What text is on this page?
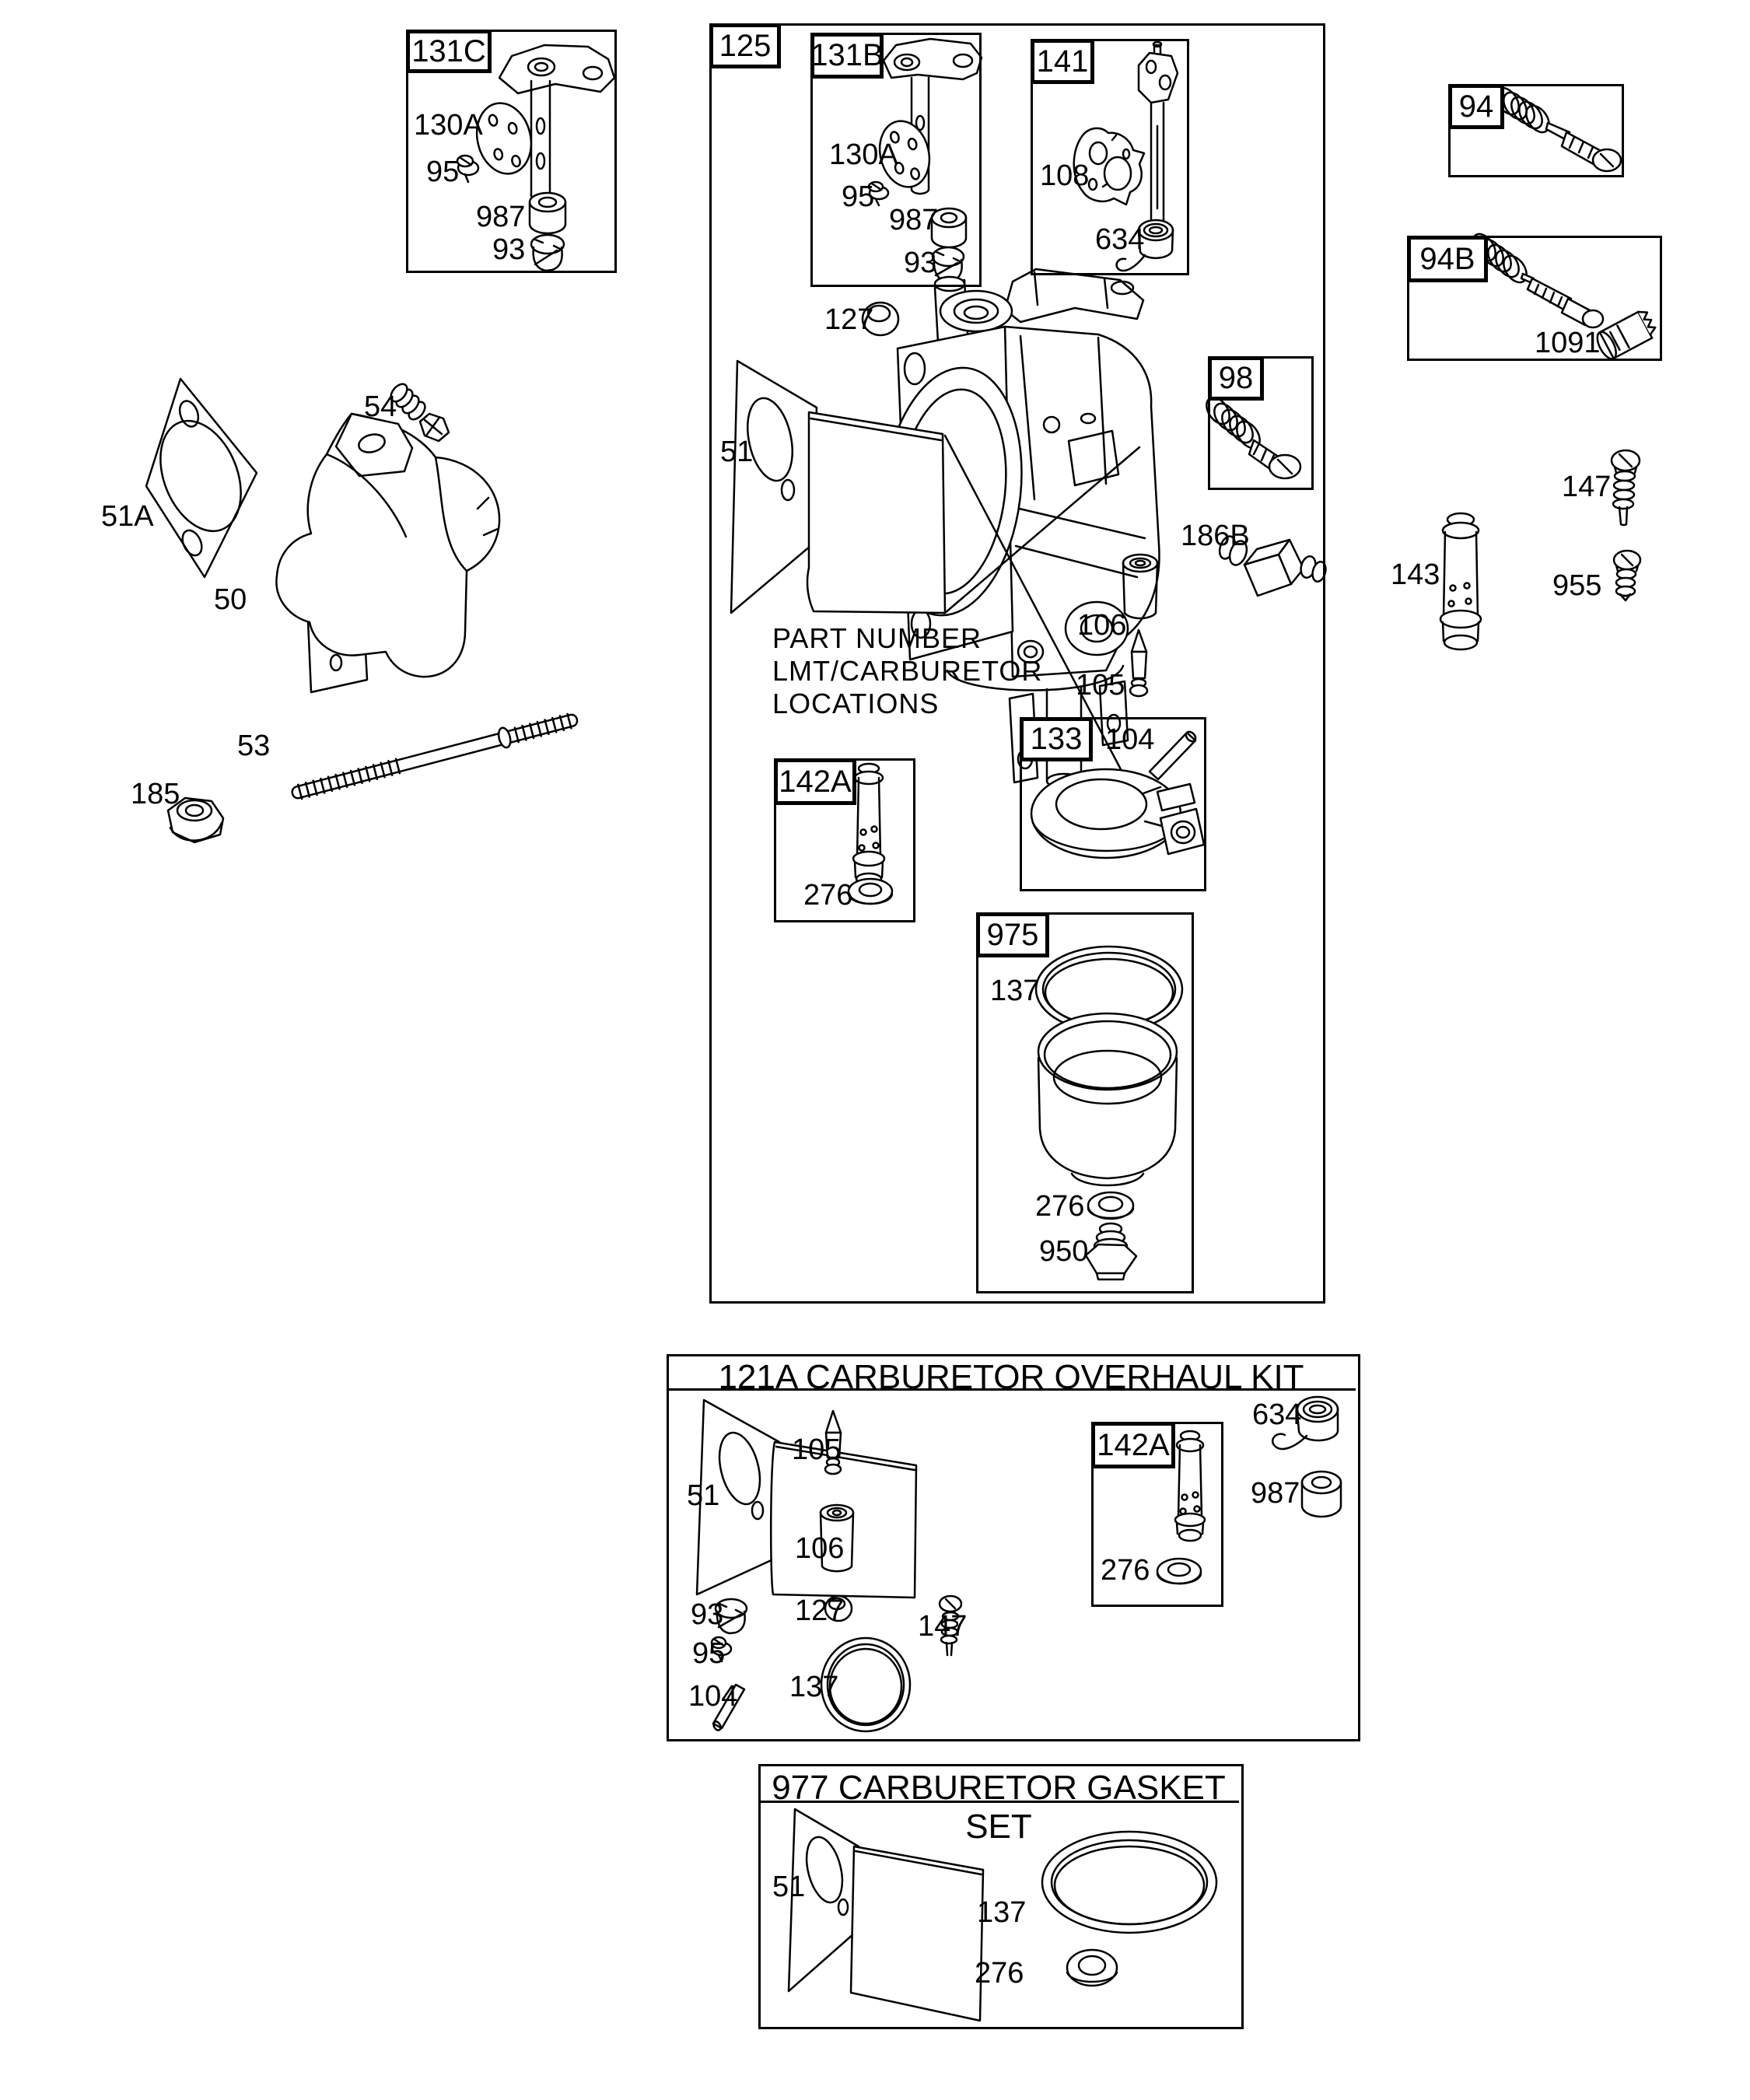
131C	125 131B	141
94
94B
98
133
142A
975
142A
121A CARBURETOR OVERHAUL KIT
977 CARBURETOR GASKET SET
PART NUMBER
LMT/CARBURETOR
LOCATIONS
130A
95
987
93
130A
95
987
93
108
634
1091
127
51
186B
106
105
104
276
137
276
950
54
51A
50
53
185
147
143	955
51
105
106
634
987
93
95
104
127
137
147
276
51
137
276
